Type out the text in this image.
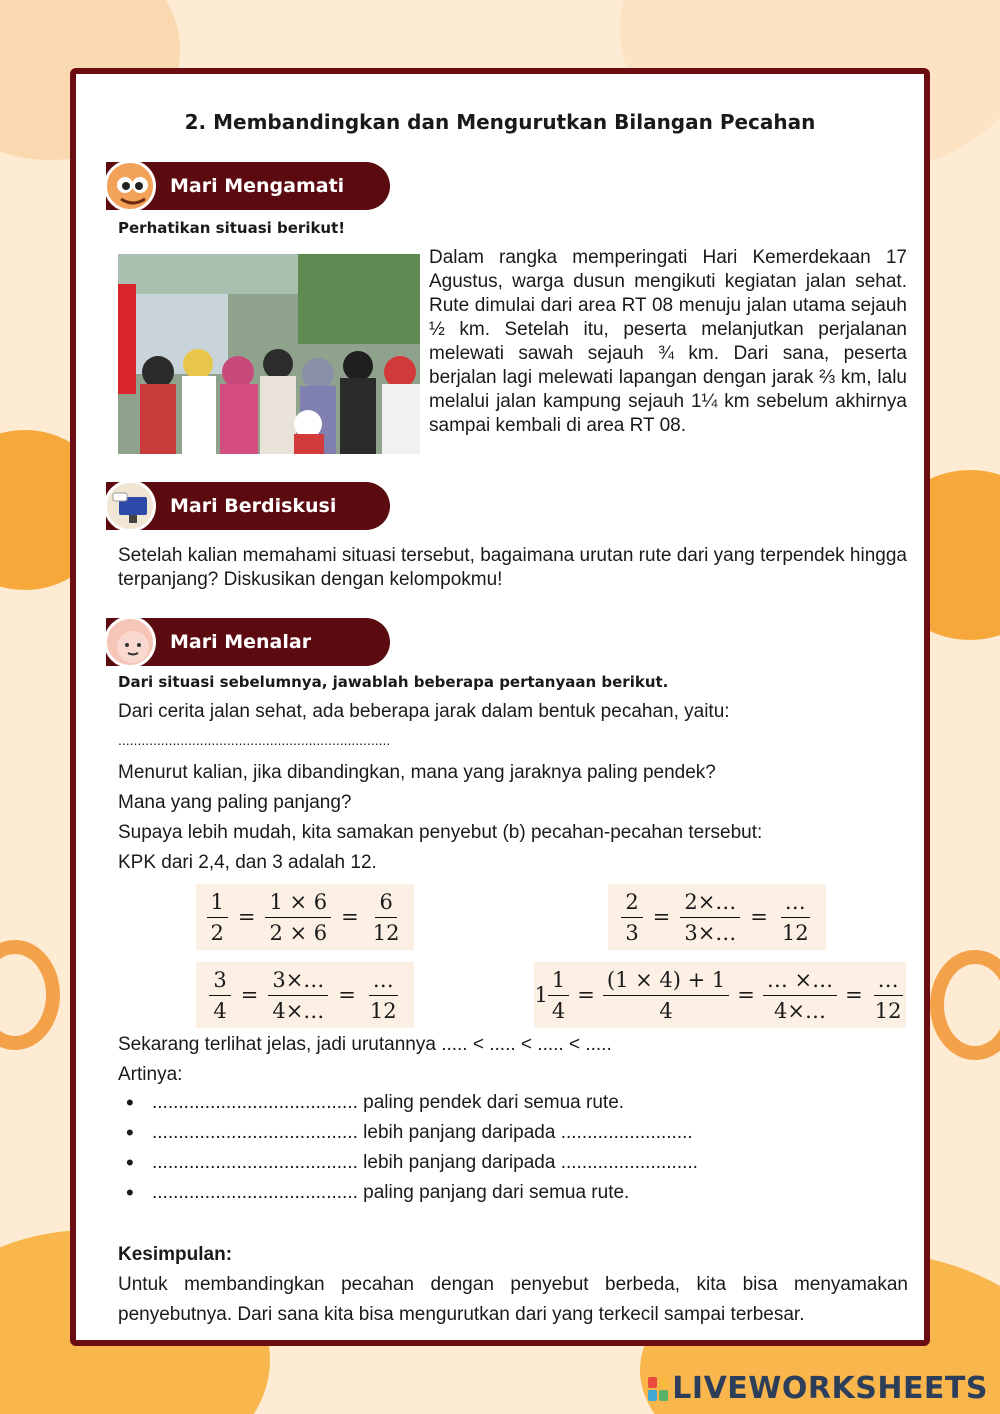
2. Membandingkan dan Mengurutkan Bilangan Pecahan
Mari Mengamati
Perhatikan situasi berikut!
Dalam rangka memperingati Hari Kemerdekaan 17 Agustus, warga dusun mengikuti kegiatan jalan sehat. Rute dimulai dari area RT 08 menuju jalan utama sejauh ½ km. Setelah itu, peserta melanjutkan perjalanan melewati sawah sejauh ¾ km. Dari sana, peserta berjalan lagi melewati lapangan dengan jarak ⅔ km, lalu melalui jalan kampung sejauh 1¼ km sebelum akhirnya sampai kembali di area RT 08.
Mari Berdiskusi
Setelah kalian memahami situasi tersebut, bagaimana urutan rute dari yang terpendek hingga terpanjang? Diskusikan dengan kelompokmu!
Mari Menalar
Dari situasi sebelumnya, jawablah beberapa pertanyaan berikut.
Dari cerita jalan sehat, ada beberapa jarak dalam bentuk pecahan, yaitu:
......................................................................
Menurut kalian, jika dibandingkan, mana yang jaraknya paling pendek?
Mana yang paling panjang?
Supaya lebih mudah, kita samakan penyebut (b) pecahan-pecahan tersebut:
KPK dari 2,4, dan 3 adalah 12.
$\frac{1}{2} = \frac{1 \times 6}{2 \times 6} = \frac{6}{12}$	$\frac{2}{3} = \frac{2\times\dots}{3\times\dots}$ =
…
12
$\frac{3}{4} = \frac{3\times\dots}{4\times\dots}$ =
…
12
1
1
4
= $\frac{(1 \times 4) + 1}{4}$ =
… ×…
4×…
=
…
12
Sekarang terlihat jelas, jadi urutannya ..... < ..... < ..... < .....
Artinya:
• ....................................... paling pendek dari semua rute.
• ....................................... lebih panjang daripada .........................
• ....................................... lebih panjang daripada ..........................
• ....................................... paling panjang dari semua rute.
Kesimpulan:
Untuk membandingkan pecahan dengan penyebut berbeda, kita bisa menyamakan penyebutnya. Dari sana kita bisa mengurutkan dari yang terkecil sampai terbesar.
LIVEWORKSHEETS
